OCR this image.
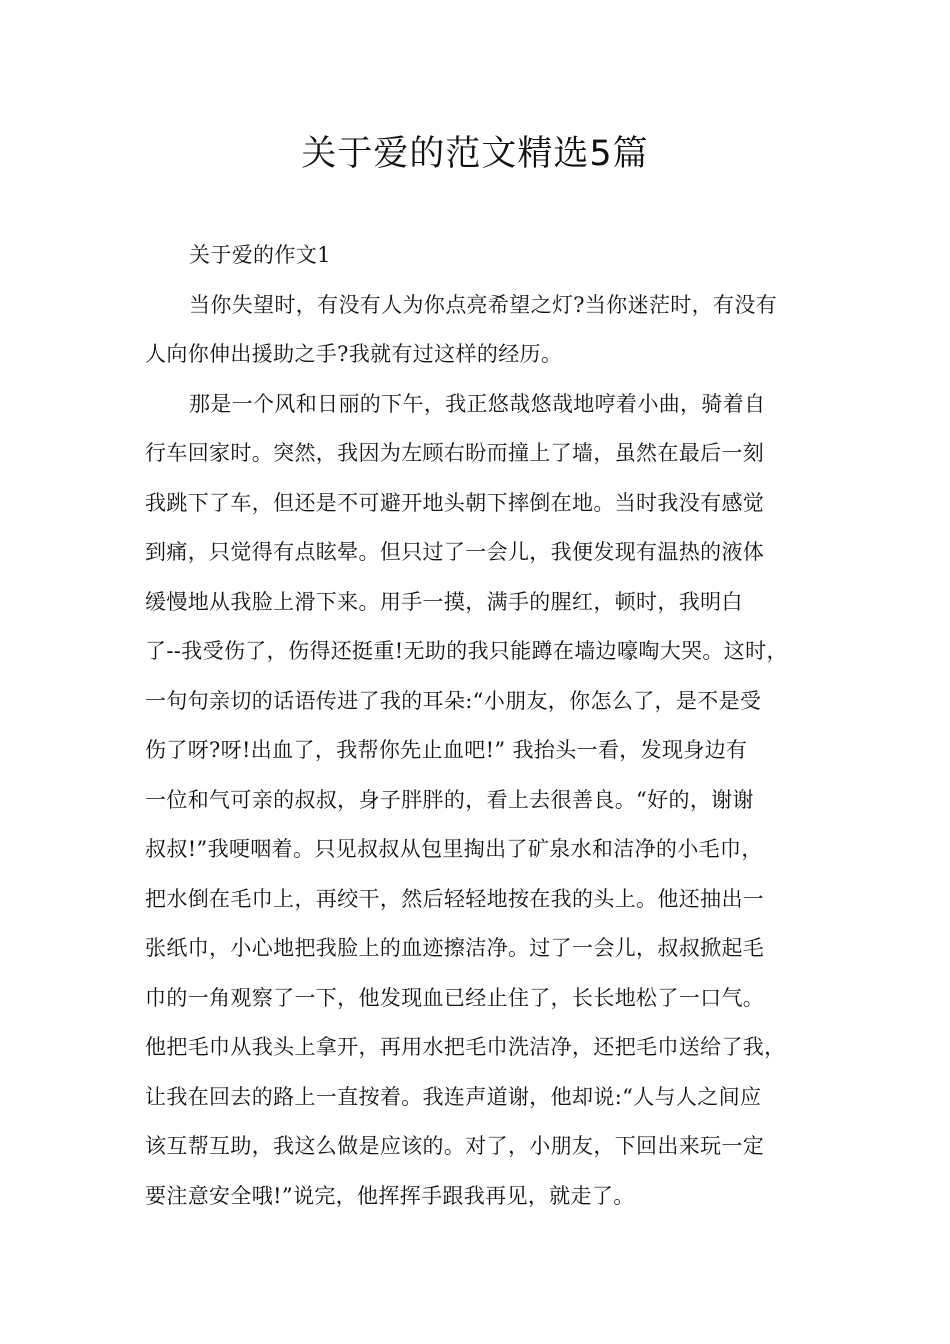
关于爱的范文精选5篇
关于爱的作文1
当你失望时，有没有人为你点亮希望之灯?当你迷茫时，有没有
人向你伸出援助之手?我就有过这样的经历。
那是一个风和日丽的下午，我正悠哉悠哉地哼着小曲，骑着自
行车回家时。突然，我因为左顾右盼而撞上了墙，虽然在最后一刻
我跳下了车，但还是不可避开地头朝下摔倒在地。当时我没有感觉
到痛，只觉得有点眩晕。但只过了一会儿，我便发现有温热的液体
缓慢地从我脸上滑下来。用手一摸，满手的腥红，顿时，我明白
了--我受伤了，伤得还挺重!无助的我只能蹲在墙边嚎啕大哭。这时，
一句句亲切的话语传进了我的耳朵:“小朋友，你怎么了，是不是受
伤了呀?呀!出血了，我帮你先止血吧!” 我抬头一看，发现身边有
一位和气可亲的叔叔，身子胖胖的，看上去很善良。“好的，谢谢
叔叔!”我哽咽着。只见叔叔从包里掏出了矿泉水和洁净的小毛巾，
把水倒在毛巾上，再绞干，然后轻轻地按在我的头上。他还抽出一
张纸巾，小心地把我脸上的血迹擦洁净。过了一会儿，叔叔掀起毛
巾的一角观察了一下，他发现血已经止住了，长长地松了一口气。
他把毛巾从我头上拿开，再用水把毛巾洗洁净，还把毛巾送给了我，
让我在回去的路上一直按着。我连声道谢，他却说:“人与人之间应
该互帮互助，我这么做是应该的。对了，小朋友，下回出来玩一定
要注意安全哦!”说完，他挥挥手跟我再见，就走了。
